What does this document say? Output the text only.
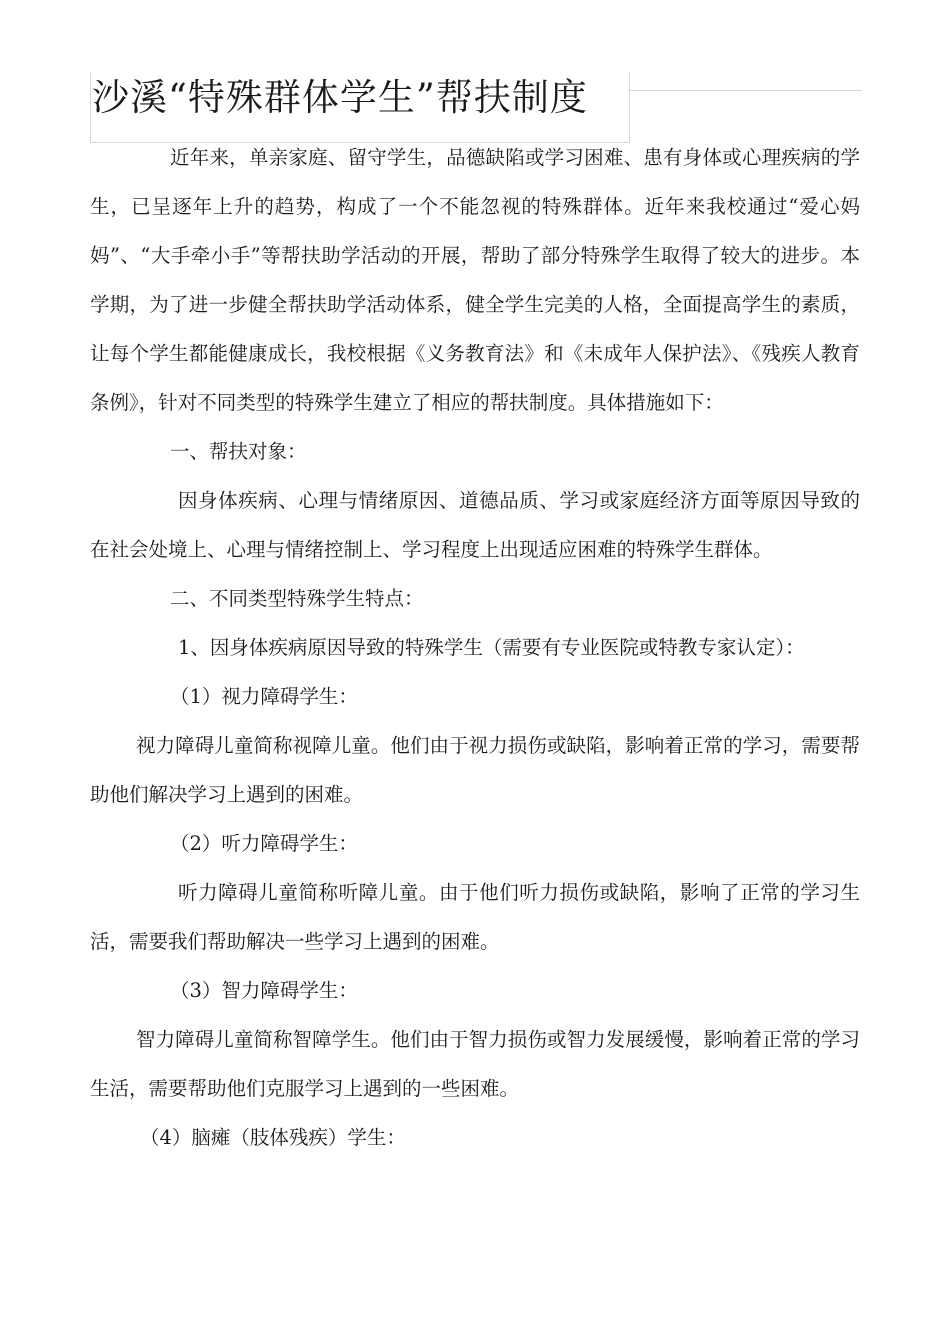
沙溪“特殊群体学生”帮扶制度

近年来，单亲家庭、留守学生，品德缺陷或学习困难、患有身体或心理疾病的学生，已呈逐年上升的趋势，构成了一个不能忽视的特殊群体。近年来我校通过“爱心妈妈”、“大手牵小手”等帮扶助学活动的开展，帮助了部分特殊学生取得了较大的进步。本学期，为了进一步健全帮扶助学活动体系，健全学生完美的人格，全面提高学生的素质，让每个学生都能健康成长，我校根据《义务教育法》和《未成年人保护法》、《残疾人教育条例》，针对不同类型的特殊学生建立了相应的帮扶制度。具体措施如下：

一、帮扶对象：

因身体疾病、心理与情绪原因、道德品质、学习或家庭经济方面等原因导致的在社会处境上、心理与情绪控制上、学习程度上出现适应困难的特殊学生群体。

二、不同类型特殊学生特点：

1、因身体疾病原因导致的特殊学生（需要有专业医院或特教专家认定）：

（1）视力障碍学生：

视力障碍儿童简称视障儿童。他们由于视力损伤或缺陷，影响着正常的学习，需要帮助他们解决学习上遇到的困难。

（2）听力障碍学生：

听力障碍儿童简称听障儿童。由于他们听力损伤或缺陷，影响了正常的学习生活，需要我们帮助解决一些学习上遇到的困难。

（3）智力障碍学生：

智力障碍儿童简称智障学生。他们由于智力损伤或智力发展缓慢，影响着正常的学习生活，需要帮助他们克服学习上遇到的一些困难。

（4）脑瘫（肢体残疾）学生：
